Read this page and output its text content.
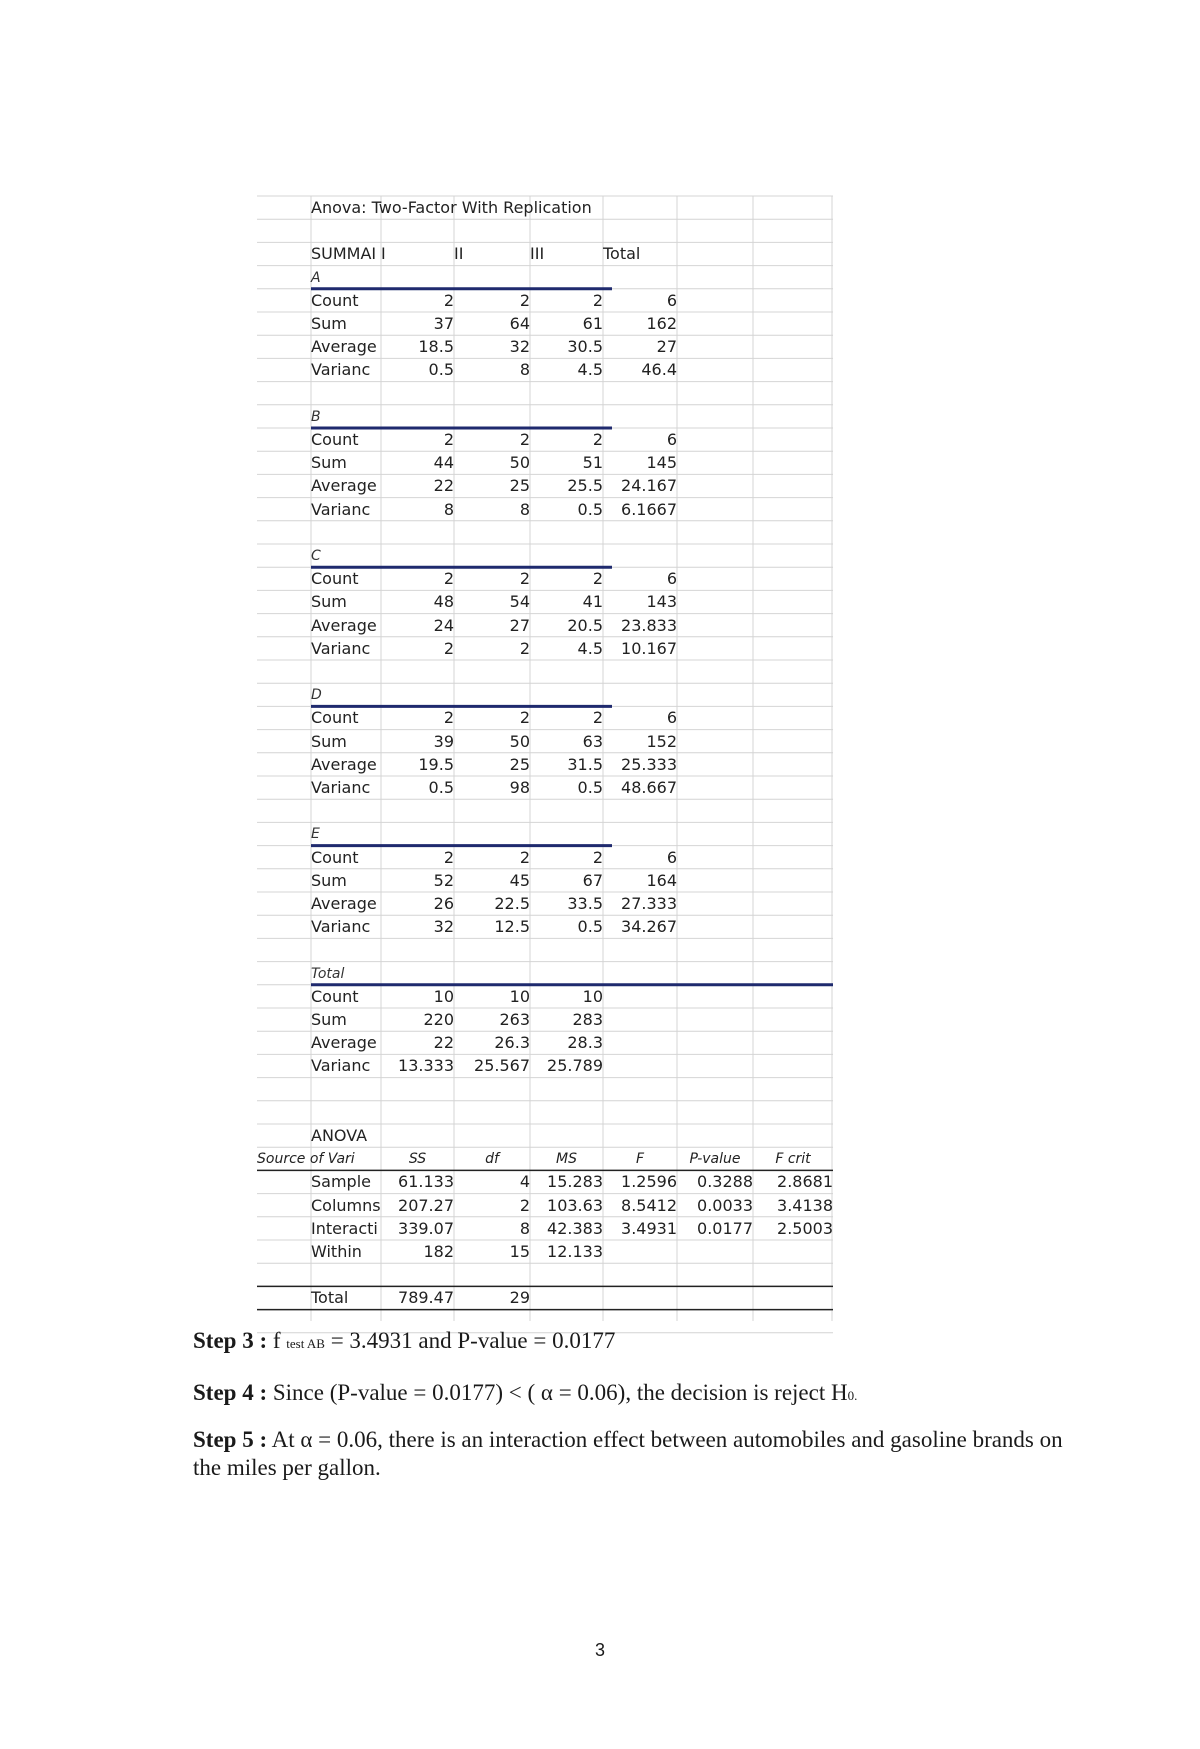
Anova: Two-Factor With Replication
SUMMAI I	II	III	Total
A
Count	2	2	2	6
Sum	37	64	61	162
Average	18.5	32	30.5	27
Varianc	0.5	8	4.5	46.4
B
Count	2	2	2	6
Sum	44	50	51	145
Average	22	25	25.5	24.167
Varianc	8	8	0.5	6.1667
C
Count	2	2	2	6
Sum	48	54	41	143
Average	24	27	20.5	23.833
Varianc	2	2	4.5	10.167
D
Count	2	2	2	6
Sum	39	50	63	152
Average	19.5	25	31.5	25.333
Varianc	0.5	98	0.5	48.667
E
Count	2	2	2	6
Sum	52	45	67	164
Average	26	22.5	33.5	27.333
Varianc	32	12.5	0.5	34.267
Total
Count	10	10	10
Sum	220	263	283
Average	22	26.3	28.3
Varianc	13.333	25.567	25.789
ANOVA
Source of Vari	SS	df	MS	F	P-value	F crit
Sample	61.133	4	15.283	1.2596	0.3288	2.8681
Columns	207.27	2	103.63	8.5412	0.0033	3.4138
Interacti	339.07	8	42.383	3.4931	0.0177	2.5003
Within	182	15	12.133
Total	789.47	29
Step 3 : f test AB = 3.4931 and P-value = 0.0177
Step 4 : Since (P-value = 0.0177) < ( α = 0.06), the decision is reject H0.
Step 5 : At α = 0.06, there is an interaction effect between automobiles and gasoline brands on
the miles per gallon.
3
